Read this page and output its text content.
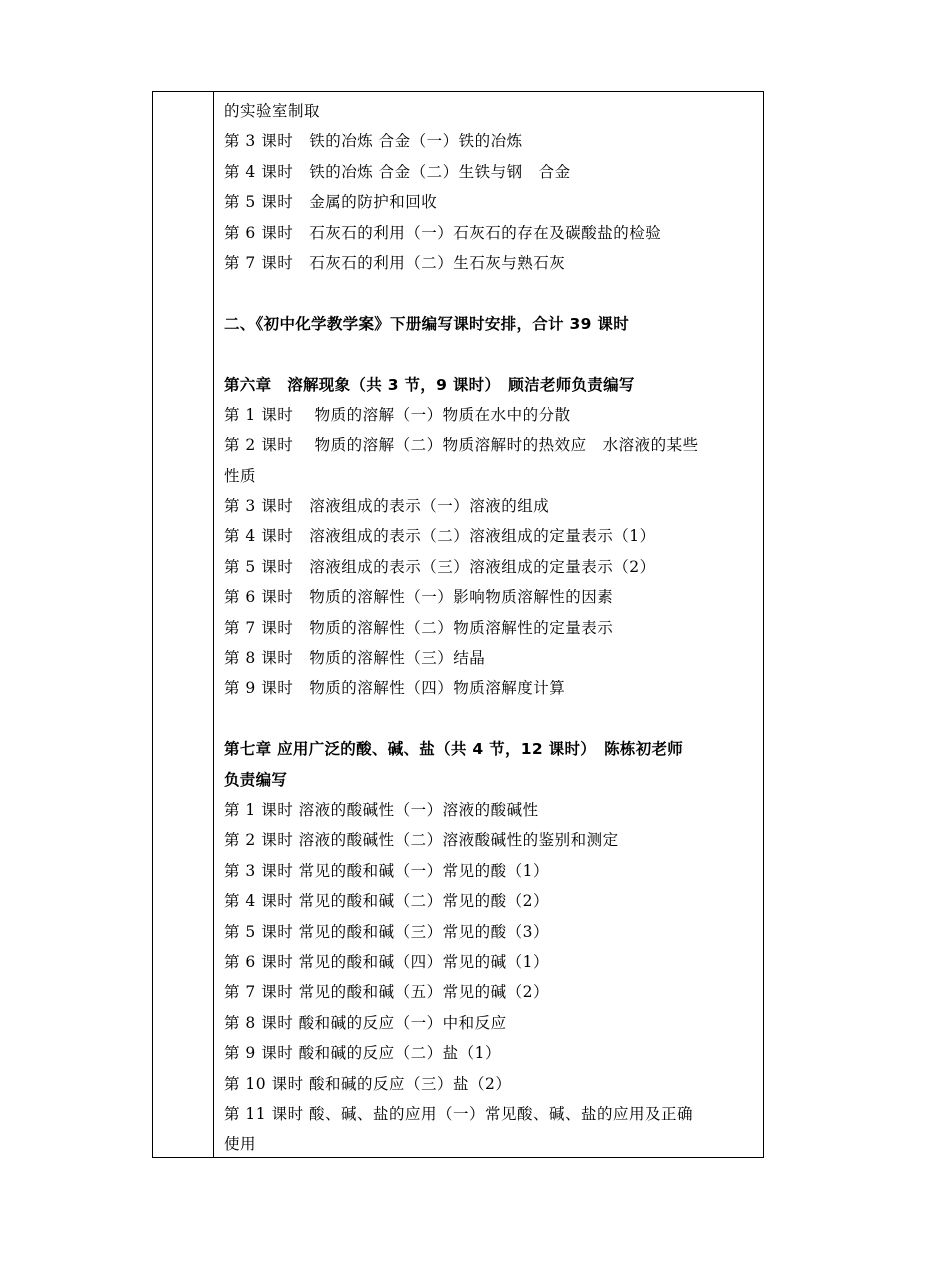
的实验室制取
第 3 课时　铁的冶炼 合金（一）铁的冶炼
第 4 课时　铁的冶炼 合金（二）生铁与钢　合金
第 5 课时　金属的防护和回收
第 6 课时　石灰石的利用（一）石灰石的存在及碳酸盐的检验
第 7 课时　石灰石的利用（二）生石灰与熟石灰
二、《初中化学教学案》下册编写课时安排，合计 39 课时
第六章　溶解现象（共 3 节，9 课时）　顾洁老师负责编写
第 1 课时　 物质的溶解（一）物质在水中的分散
第 2 课时　 物质的溶解（二）物质溶解时的热效应　水溶液的某些
性质
第 3 课时　溶液组成的表示（一）溶液的组成
第 4 课时　溶液组成的表示（二）溶液组成的定量表示（1）
第 5 课时　溶液组成的表示（三）溶液组成的定量表示（2）
第 6 课时　物质的溶解性（一）影响物质溶解性的因素
第 7 课时　物质的溶解性（二）物质溶解性的定量表示
第 8 课时　物质的溶解性（三）结晶
第 9 课时　物质的溶解性（四）物质溶解度计算
第七章 应用广泛的酸、碱、盐（共 4 节，12 课时）　陈栋初老师
负责编写
第 1 课时 溶液的酸碱性（一）溶液的酸碱性
第 2 课时 溶液的酸碱性（二）溶液酸碱性的鉴别和测定
第 3 课时 常见的酸和碱（一）常见的酸（1）
第 4 课时 常见的酸和碱（二）常见的酸（2）
第 5 课时 常见的酸和碱（三）常见的酸（3）
第 6 课时 常见的酸和碱（四）常见的碱（1）
第 7 课时 常见的酸和碱（五）常见的碱（2）
第 8 课时 酸和碱的反应（一）中和反应
第 9 课时 酸和碱的反应（二）盐（1）
第 10 课时 酸和碱的反应（三）盐（2）
第 11 课时 酸、碱、盐的应用（一）常见酸、碱、盐的应用及正确
使用
